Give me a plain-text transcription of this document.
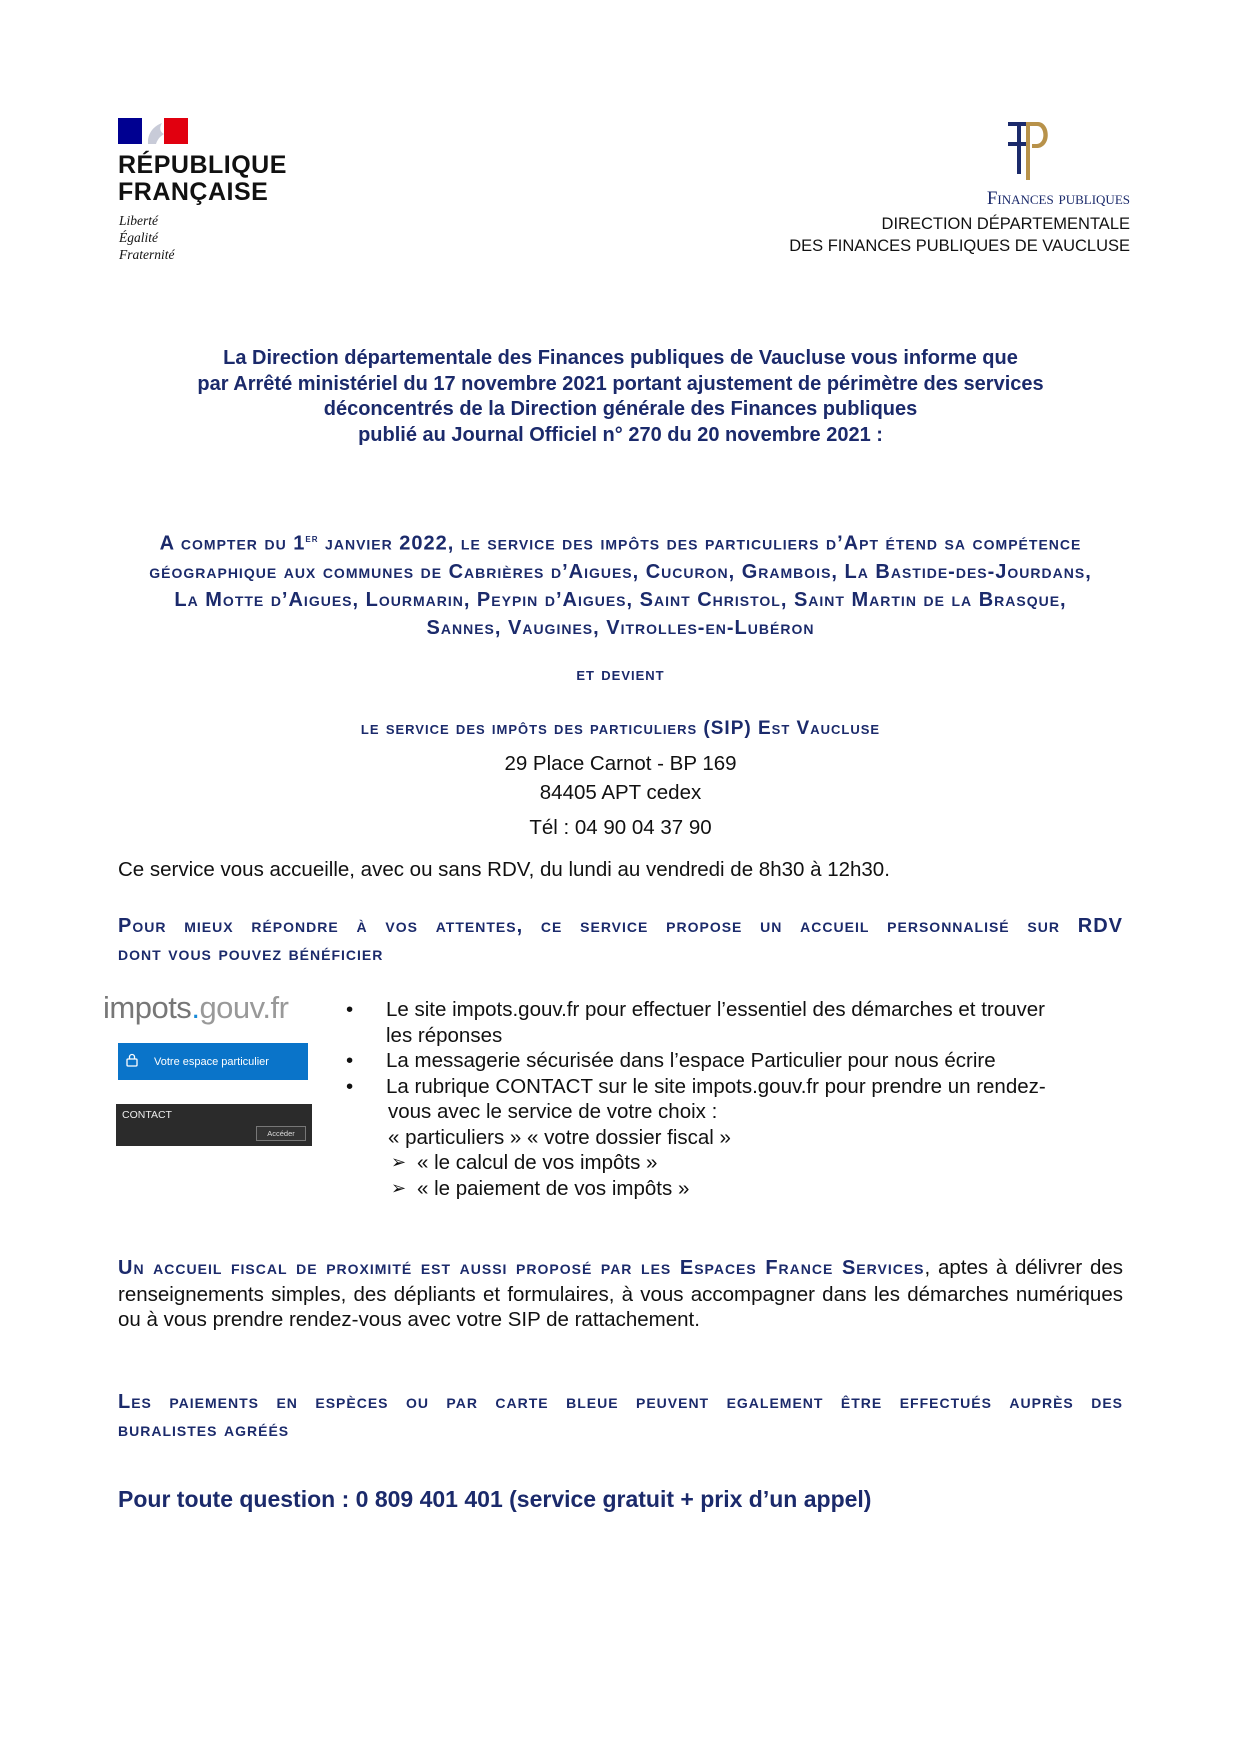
RÉPUBLIQUE
FRANÇAISE
Liberté
Égalité
Fraternité
Finances publiques
DIRECTION DÉPARTEMENTALE
DES FINANCES PUBLIQUES DE VAUCLUSE
La Direction départementale des Finances publiques de Vaucluse vous informe que
par Arrêté ministériel du 17 novembre 2021 portant ajustement de périmètre des services
déconcentrés de la Direction générale des Finances publiques
publié au Journal Officiel n° 270 du 20 novembre 2021 :
A compter du 1er janvier 2022, le service des impôts des particuliers d’Apt étend sa compétence géographique aux communes de Cabrières d’Aigues, Cucuron, Grambois, La Bastide-des-Jourdans, La Motte d’Aigues, Lourmarin, Peypin d’Aigues, Saint Christol, Saint Martin de la Brasque, Sannes, Vaugines, Vitrolles-en-Lubéron
et devient
le service des impôts des particuliers (SIP) Est Vaucluse
29 Place Carnot - BP 169
84405 APT cedex
Tél : 04 90 04 37 90
Ce service vous accueille, avec ou sans RDV, du lundi au vendredi de 8h30 à 12h30.
Pour mieux répondre à vos attentes, ce service propose un accueil personnalisé sur RDV
dont vous pouvez bénéficier
impots.gouv.fr
Votre espace particulier
CONTACT
Accéder
• Le site impots.gouv.fr pour effectuer l’essentiel des démarches et trouver
les réponses
• La messagerie sécurisée dans l’espace Particulier pour nous écrire
• La rubrique CONTACT sur le site impots.gouv.fr pour prendre un rendez-
vous avec le service de votre choix :
« particuliers » « votre dossier fiscal »
➢ « le calcul de vos impôts »
➢ « le paiement de vos impôts »
Un accueil fiscal de proximité est aussi proposé par les Espaces France Services, aptes à délivrer des renseignements simples, des dépliants et formulaires, à vous accompagner dans les démarches numériques ou à vous prendre rendez-vous avec votre SIP de rattachement.
Les paiements en espèces ou par carte bleue peuvent egalement être effectués auprès des
buralistes agréés
Pour toute question : 0 809 401 401 (service gratuit + prix d’un appel)
